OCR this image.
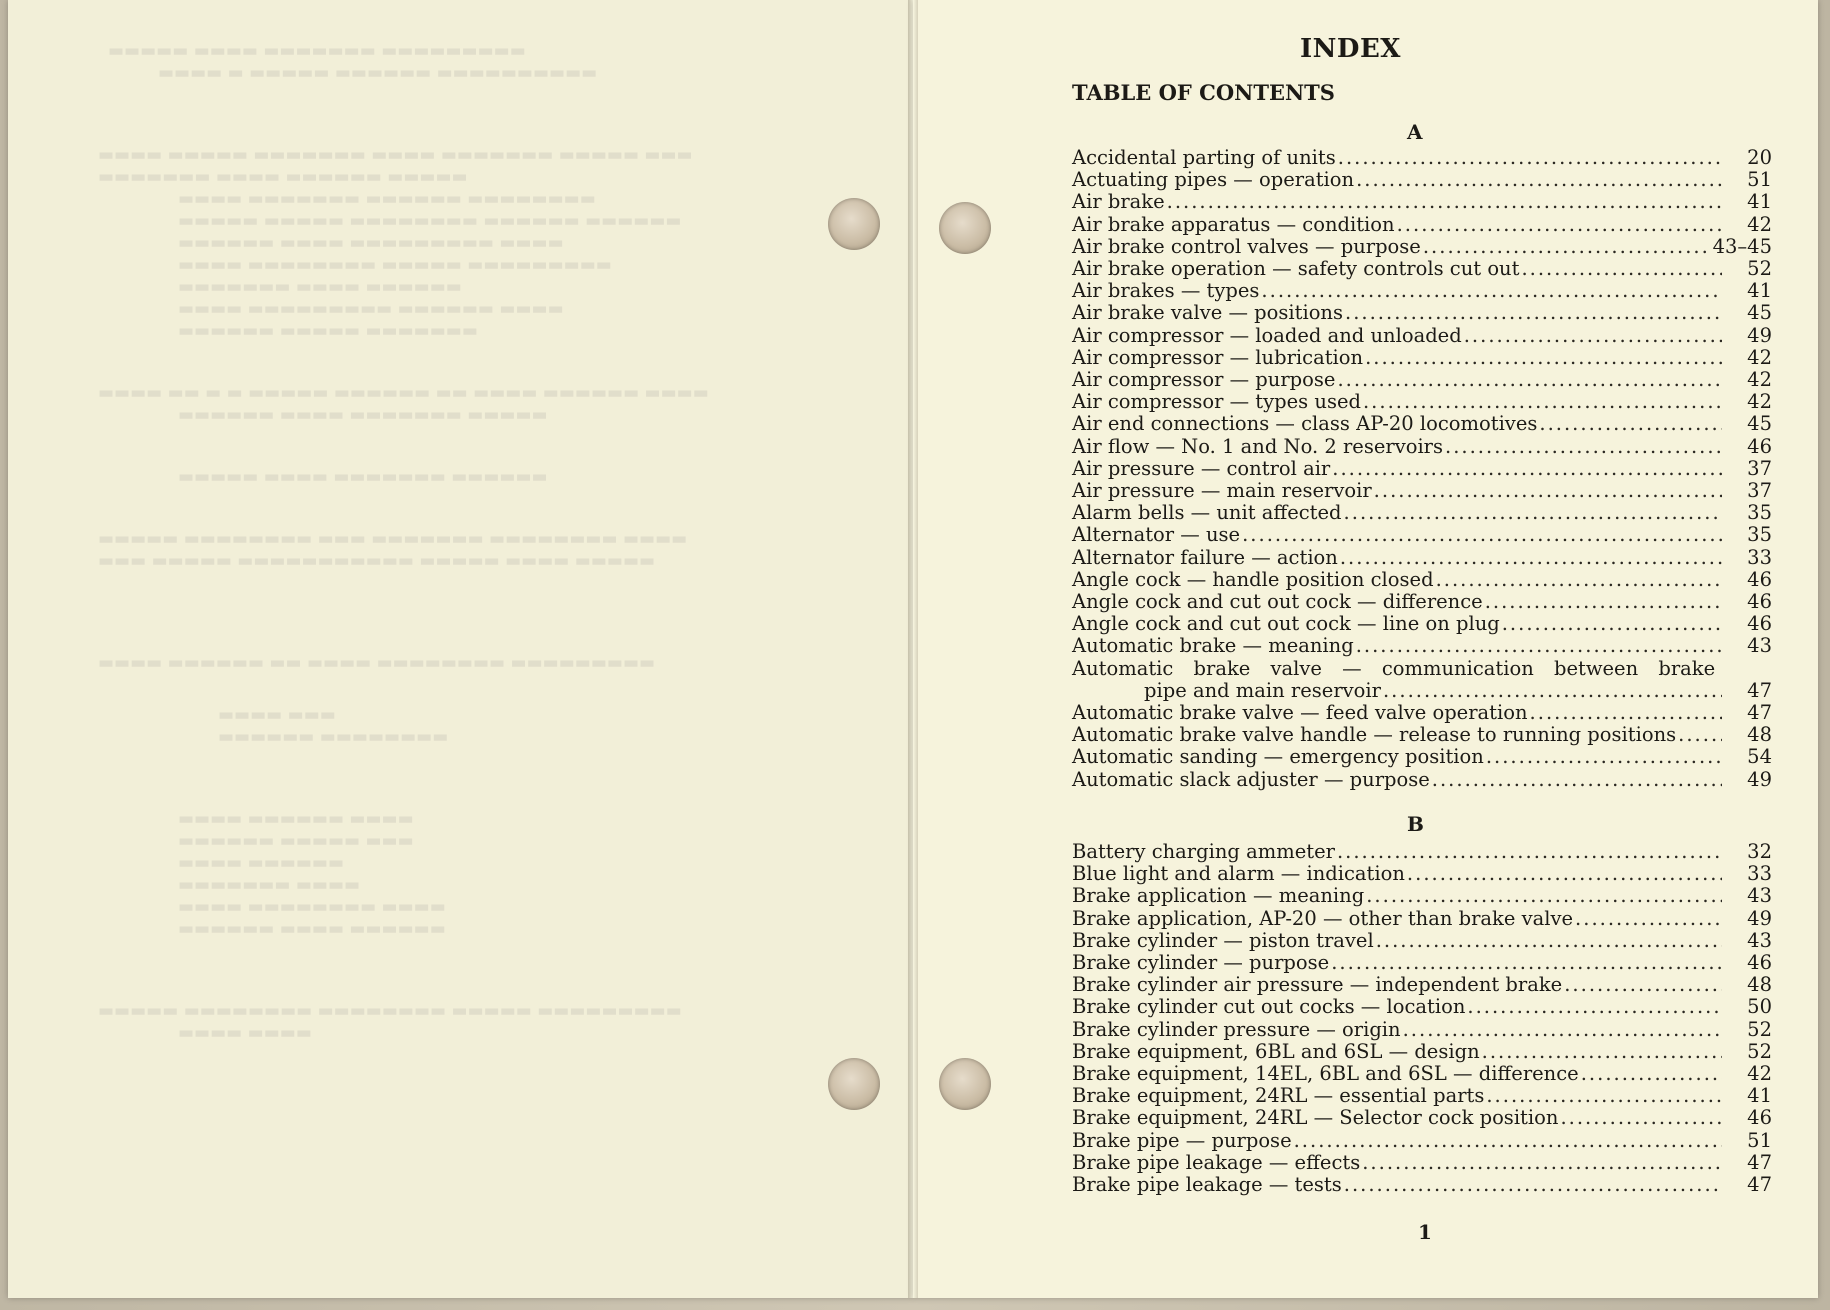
▬▬▬▬▬ ▬▬▬▬ ▬▬▬▬▬▬▬ ▬▬▬▬▬▬▬▬▬
▬▬▬▬ ▬ ▬▬▬▬▬ ▬▬▬▬▬▬ ▬▬▬▬▬▬▬▬▬▬
▬▬▬▬ ▬▬▬▬▬ ▬▬▬▬▬▬▬ ▬▬▬▬ ▬▬▬▬▬▬▬ ▬▬▬▬▬ ▬▬▬
▬▬▬▬▬▬▬ ▬▬▬▬ ▬▬▬▬▬▬ ▬▬▬▬▬
▬▬▬▬ ▬▬▬▬▬▬▬ ▬▬▬▬▬▬ ▬▬▬▬▬▬▬▬
▬▬▬▬▬ ▬▬▬▬▬ ▬▬▬▬▬▬▬▬ ▬▬▬▬▬▬ ▬▬▬▬▬▬
▬▬▬▬▬▬ ▬▬▬▬ ▬▬▬▬▬▬▬▬▬ ▬▬▬▬
▬▬▬▬ ▬▬▬▬▬▬▬▬ ▬▬▬▬▬ ▬▬▬▬▬▬▬▬▬
▬▬▬▬▬▬▬ ▬▬▬▬ ▬▬▬▬▬▬
▬▬▬▬ ▬▬▬▬▬▬▬▬▬ ▬▬▬▬▬▬ ▬▬▬▬
▬▬▬▬▬▬ ▬▬▬▬▬ ▬▬▬▬▬▬▬
▬▬▬▬ ▬▬ ▬ ▬ ▬▬▬▬▬ ▬▬▬▬▬▬ ▬▬ ▬▬▬▬ ▬▬▬▬▬▬ ▬▬▬▬
▬▬▬▬▬▬ ▬▬▬▬ ▬▬▬▬▬▬▬ ▬▬▬▬▬
▬▬▬▬▬ ▬▬▬▬ ▬▬▬▬▬▬▬ ▬▬▬▬▬▬
▬▬▬▬▬ ▬▬▬▬▬▬▬▬ ▬▬▬ ▬▬▬▬▬▬▬ ▬▬▬▬▬▬▬▬ ▬▬▬▬
▬▬▬ ▬▬▬▬▬ ▬▬▬▬▬▬▬▬▬▬▬ ▬▬▬▬▬ ▬▬▬▬ ▬▬▬▬▬
▬▬▬▬ ▬▬▬▬▬▬ ▬▬ ▬▬▬▬ ▬▬▬▬▬▬▬▬ ▬▬▬▬▬▬▬▬▬
▬▬▬▬ ▬▬▬
▬▬▬▬▬▬ ▬▬▬▬▬▬▬▬
▬▬▬▬ ▬▬▬▬▬▬ ▬▬▬▬
▬▬▬▬▬▬ ▬▬▬▬▬ ▬▬▬
▬▬▬▬ ▬▬▬▬▬▬
▬▬▬▬▬▬▬ ▬▬▬▬
▬▬▬▬ ▬▬▬▬▬▬▬▬ ▬▬▬▬
▬▬▬▬▬▬ ▬▬▬▬ ▬▬▬▬▬▬
▬▬▬▬▬ ▬▬▬▬▬▬▬▬ ▬▬▬▬▬▬▬▬ ▬▬▬▬▬ ▬▬▬▬▬▬▬▬▬
▬▬▬▬ ▬▬▬▬
INDEX
TABLE OF CONTENTS
A
Accidental parting of units .....	20
Actuating pipes — operation .....	51
Air brake .....	41
Air brake apparatus — condition .....	42
Air brake control valves — purpose .....	43–45
Air brake operation — safety controls cut out .....	52
Air brakes — types .....	41
Air brake valve — positions .....	45
Air compressor — loaded and unloaded .....	49
Air compressor — lubrication .....	42
Air compressor — purpose .....	42
Air compressor — types used .....	42
Air end connections — class AP-20 locomotives .....	45
Air flow — No. 1 and No. 2 reservoirs .....	46
Air pressure — control air .....	37
Air pressure — main reservoir .....	37
Alarm bells — unit affected .....	35
Alternator — use .....	35
Alternator failure — action .....	33
Angle cock — handle position closed .....	46
Angle cock and cut out cock — difference .....	46
Angle cock and cut out cock — line on plug .....	46
Automatic brake — meaning .....	43
Automatic brake valve — communication between brake
pipe and main reservoir .....	47
Automatic brake valve — feed valve operation .....	47
Automatic brake valve handle — release to running positions .....	48
Automatic sanding — emergency position .....	54
Automatic slack adjuster — purpose .....	49
B
Battery charging ammeter .....	32
Blue light and alarm — indication .....	33
Brake application — meaning .....	43
Brake application, AP-20 — other than brake valve .....	49
Brake cylinder — piston travel .....	43
Brake cylinder — purpose .....	46
Brake cylinder air pressure — independent brake .....	48
Brake cylinder cut out cocks — location .....	50
Brake cylinder pressure — origin .....	52
Brake equipment, 6BL and 6SL — design .....	52
Brake equipment, 14EL, 6BL and 6SL — difference .....	42
Brake equipment, 24RL — essential parts .....	41
Brake equipment, 24RL — Selector cock position .....	46
Brake pipe — purpose .....	51
Brake pipe leakage — effects .....	47
Brake pipe leakage — tests .....	47
1
